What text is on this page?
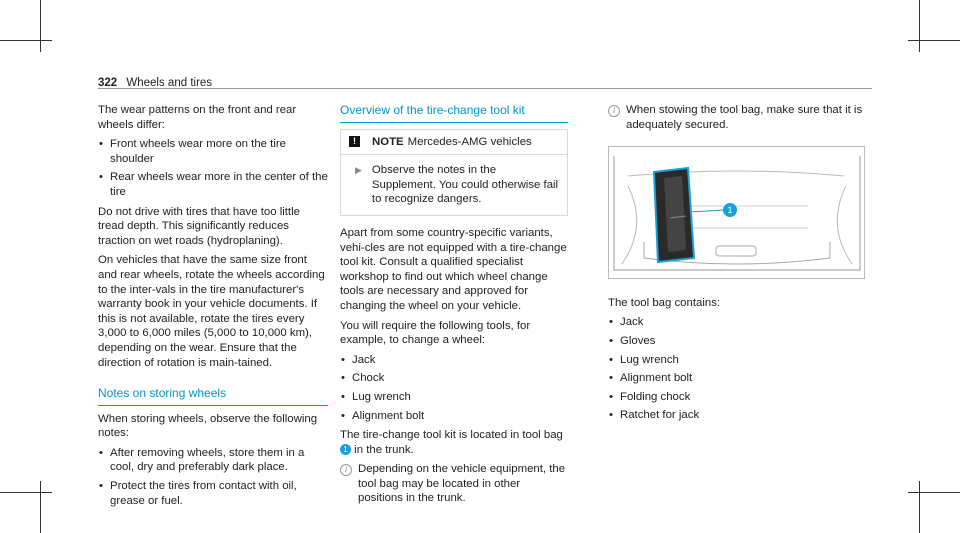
322 Wheels and tires

The wear patterns on the front and rear wheels differ:

• Front wheels wear more on the tire shoulder
• Rear wheels wear more in the center of the tire

Do not drive with tires that have too little tread depth. This significantly reduces traction on wet roads (hydroplaning).

On vehicles that have the same size front and rear wheels, rotate the wheels according to the inter-vals in the tire manufacturer's warranty book in your vehicle documents. If this is not available, rotate the tires every 3,000 to 6,000 miles (5,000 to 10,000 km), depending on the wear. Ensure that the direction of rotation is main-tained.

Notes on storing wheels

When storing wheels, observe the following notes:

• After removing wheels, store them in a cool, dry and preferably dark place.
• Protect the tires from contact with oil, grease or fuel.
Overview of the tire-change tool kit
!	NOTE Mercedes-AMG vehicles
▶ Observe the notes in the Supplement. You could otherwise fail to recognize dangers.

Apart from some country-specific variants, vehi-cles are not equipped with a tire-change tool kit. Consult a qualified specialist workshop to find out which wheel change tools are necessary and approved for changing the wheel on your vehicle.

You will require the following tools, for example, to change a wheel:

• Jack
• Chock
• Lug wrench
• Alignment bolt

The tire-change tool kit is located in tool bag 1 in the trunk.

i Depending on the vehicle equipment, the tool bag may be located in other positions in the trunk.
i When stowing the tool bag, make sure that it is adequately secured.
1

The tool bag contains:

• Jack
• Gloves
• Lug wrench
• Alignment bolt
• Folding chock
• Ratchet for jack
